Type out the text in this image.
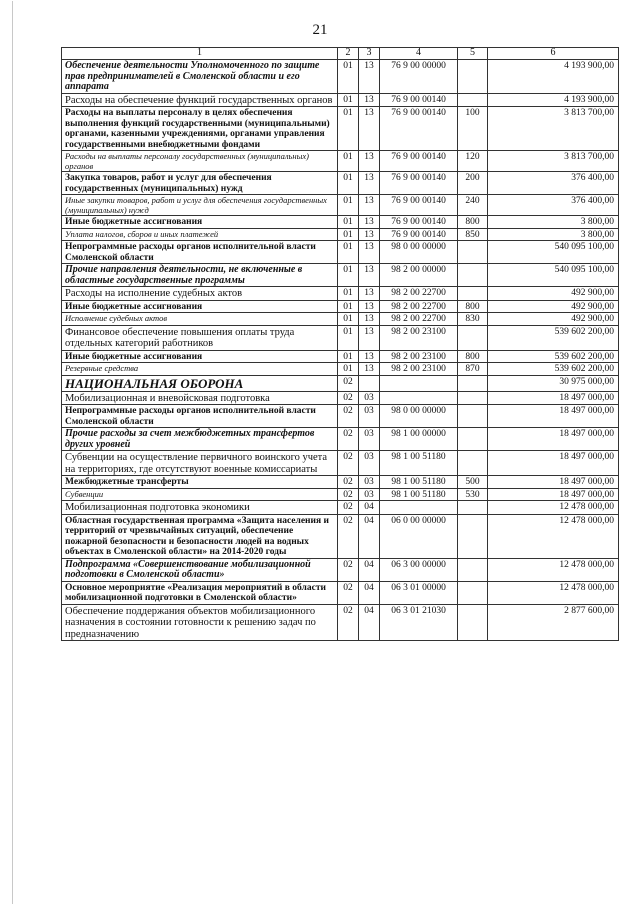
21
1	2	3	4	5	6
Обеспечение деятельности Уполномоченного по защите прав предпринимателей в Смоленской области и его аппарата	01	13	76 9 00 00000		4 193 900,00
Расходы на обеспечение функций государственных органов	01	13	76 9 00 00140		4 193 900,00
Расходы на выплаты персоналу в целях обеспечения выполнения функций государственными (муниципальными) органами, казенными учреждениями, органами управления государственными внебюджетными фондами	01	13	76 9 00 00140	100	3 813 700,00
Расходы на выплаты персоналу государственных (муниципальных) органов	01	13	76 9 00 00140	120	3 813 700,00
Закупка товаров, работ и услуг для обеспечения государственных (муниципальных) нужд	01	13	76 9 00 00140	200	376 400,00
Иные закупки товаров, работ и услуг для обеспечения государственных (муниципальных) нужд	01	13	76 9 00 00140	240	376 400,00
Иные бюджетные ассигнования	01	13	76 9 00 00140	800	3 800,00
Уплата налогов, сборов и иных платежей	01	13	76 9 00 00140	850	3 800,00
Непрограммные расходы органов исполнительной власти Смоленской области	01	13	98 0 00 00000		540 095 100,00
Прочие направления деятельности, не включенные в областные государственные программы	01	13	98 2 00 00000		540 095 100,00
Расходы на исполнение судебных актов	01	13	98 2 00 22700		492 900,00
Иные бюджетные ассигнования	01	13	98 2 00 22700	800	492 900,00
Исполнение судебных актов	01	13	98 2 00 22700	830	492 900,00
Финансовое обеспечение повышения оплаты труда отдельных категорий работников	01	13	98 2 00 23100		539 602 200,00
Иные бюджетные ассигнования	01	13	98 2 00 23100	800	539 602 200,00
Резервные средства	01	13	98 2 00 23100	870	539 602 200,00
НАЦИОНАЛЬНАЯ ОБОРОНА	02				30 975 000,00
Мобилизационная и вневойсковая подготовка	02	03			18 497 000,00
Непрограммные расходы органов исполнительной власти Смоленской области	02	03	98 0 00 00000		18 497 000,00
Прочие расходы за счет межбюджетных трансфертов других уровней	02	03	98 1 00 00000		18 497 000,00
Субвенции на осуществление первичного воинского учета на территориях, где отсутствуют военные комиссариаты	02	03	98 1 00 51180		18 497 000,00
Межбюджетные трансферты	02	03	98 1 00 51180	500	18 497 000,00
Субвенции	02	03	98 1 00 51180	530	18 497 000,00
Мобилизационная подготовка экономики	02	04			12 478 000,00
Областная государственная программа «Защита населения и территорий от чрезвычайных ситуаций, обеспечение пожарной безопасности и безопасности людей на водных объектах в Смоленской области» на 2014-2020 годы	02	04	06 0 00 00000		12 478 000,00
Подпрограмма «Совершенствование мобилизационной подготовки в Смоленской области»	02	04	06 3 00 00000		12 478 000,00
Основное мероприятие «Реализация мероприятий в области мобилизационной подготовки в Смоленской области»	02	04	06 3 01 00000		12 478 000,00
Обеспечение поддержания объектов мобилизационного назначения в состоянии готовности к решению задач по предназначению	02	04	06 3 01 21030		2 877 600,00
